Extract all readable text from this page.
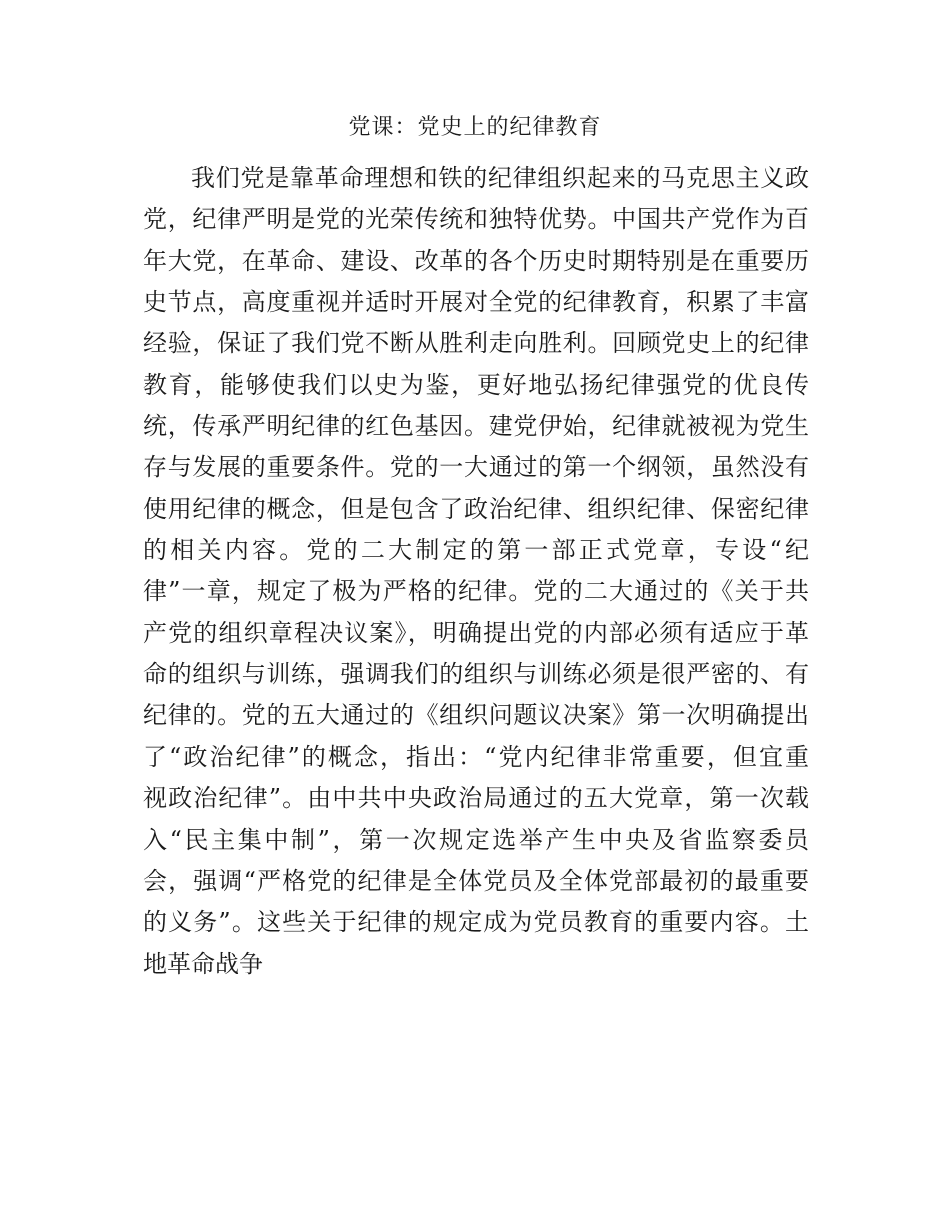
党课：党史上的纪律教育
我们党是靠革命理想和铁的纪律组织起来的马克思主义政
党，纪律严明是党的光荣传统和独特优势。中国共产党作为百
年大党，在革命、建设、改革的各个历史时期特别是在重要历
史节点，高度重视并适时开展对全党的纪律教育，积累了丰富
经验，保证了我们党不断从胜利走向胜利。回顾党史上的纪律
教育，能够使我们以史为鉴，更好地弘扬纪律强党的优良传
统，传承严明纪律的红色基因。建党伊始，纪律就被视为党生
存与发展的重要条件。党的一大通过的第一个纲领，虽然没有
使用纪律的概念，但是包含了政治纪律、组织纪律、保密纪律
的相关内容。党的二大制定的第一部正式党章，专设“纪
律”一章，规定了极为严格的纪律。党的二大通过的《关于共
产党的组织章程决议案》，明确提出党的内部必须有适应于革
命的组织与训练，强调我们的组织与训练必须是很严密的、有
纪律的。党的五大通过的《组织问题议决案》第一次明确提出
了“政治纪律”的概念，指出：“党内纪律非常重要，但宜重
视政治纪律”。由中共中央政治局通过的五大党章，第一次载
入“民主集中制”，第一次规定选举产生中央及省监察委员
会，强调“严格党的纪律是全体党员及全体党部最初的最重要
的义务”。这些关于纪律的规定成为党员教育的重要内容。土
地革命战争
